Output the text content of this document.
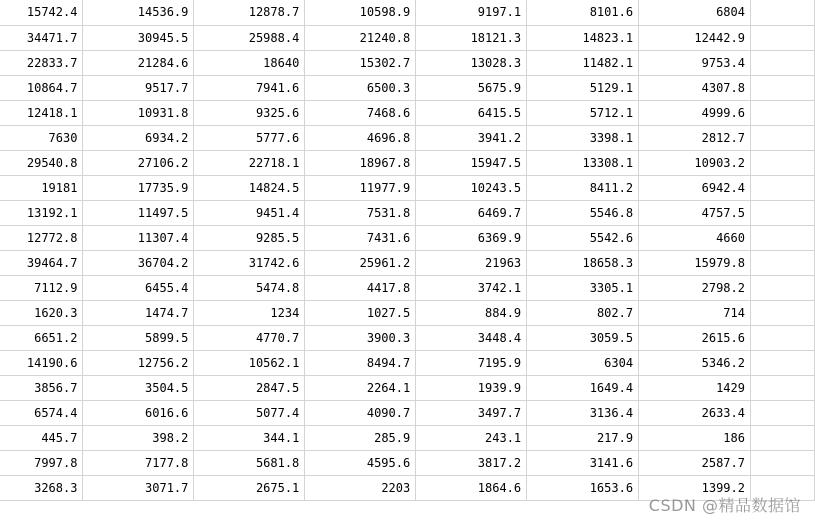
15742.4	14536.9	12878.7	10598.9	9197.1	8101.6	6804	
34471.7	30945.5	25988.4	21240.8	18121.3	14823.1	12442.9	
22833.7	21284.6	18640	15302.7	13028.3	11482.1	9753.4	
10864.7	9517.7	7941.6	6500.3	5675.9	5129.1	4307.8	
12418.1	10931.8	9325.6	7468.6	6415.5	5712.1	4999.6	
7630	6934.2	5777.6	4696.8	3941.2	3398.1	2812.7	
29540.8	27106.2	22718.1	18967.8	15947.5	13308.1	10903.2	
19181	17735.9	14824.5	11977.9	10243.5	8411.2	6942.4	
13192.1	11497.5	9451.4	7531.8	6469.7	5546.8	4757.5	
12772.8	11307.4	9285.5	7431.6	6369.9	5542.6	4660	
39464.7	36704.2	31742.6	25961.2	21963	18658.3	15979.8	
7112.9	6455.4	5474.8	4417.8	3742.1	3305.1	2798.2	
1620.3	1474.7	1234	1027.5	884.9	802.7	714	
6651.2	5899.5	4770.7	3900.3	3448.4	3059.5	2615.6	
14190.6	12756.2	10562.1	8494.7	7195.9	6304	5346.2	
3856.7	3504.5	2847.5	2264.1	1939.9	1649.4	1429	
6574.4	6016.6	5077.4	4090.7	3497.7	3136.4	2633.4	
445.7	398.2	344.1	285.9	243.1	217.9	186	
7997.8	7177.8	5681.8	4595.6	3817.2	3141.6	2587.7	
3268.3	3071.7	2675.1	2203	1864.6	1653.6	1399.2	
CSDN @精品数据馆
